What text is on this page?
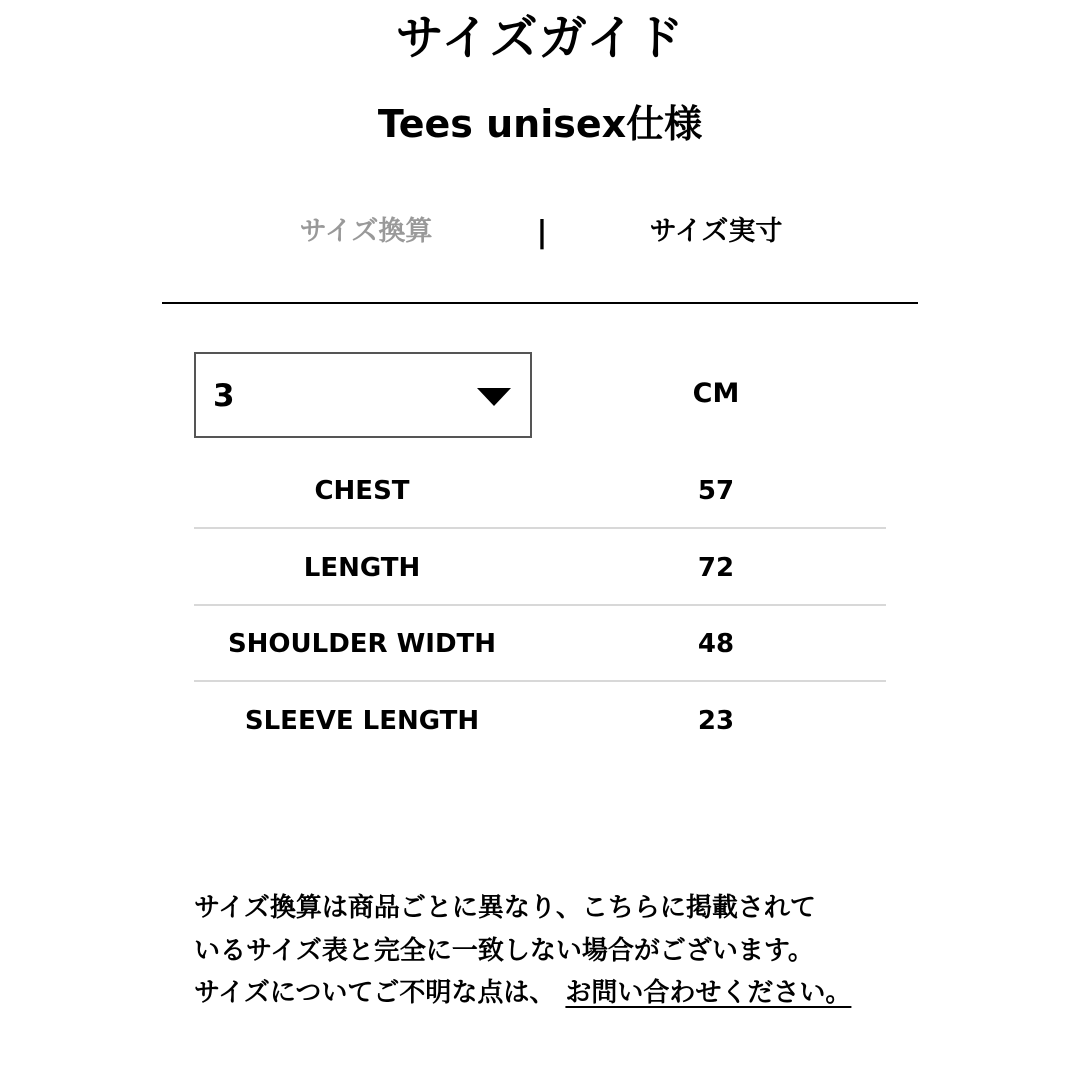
サイズガイド
Tees unisex仕様
サイズ換算	|	サイズ実寸
3	CM
CHEST	57
LENGTH	72
SHOULDER WIDTH	48
SLEEVE LENGTH	23

サイズ換算は商品ごとに異なり、こちらに掲載されて

いるサイズ表と完全に一致しない場合がございます。

サイズについてご不明な点は、 お問い合わせください。
